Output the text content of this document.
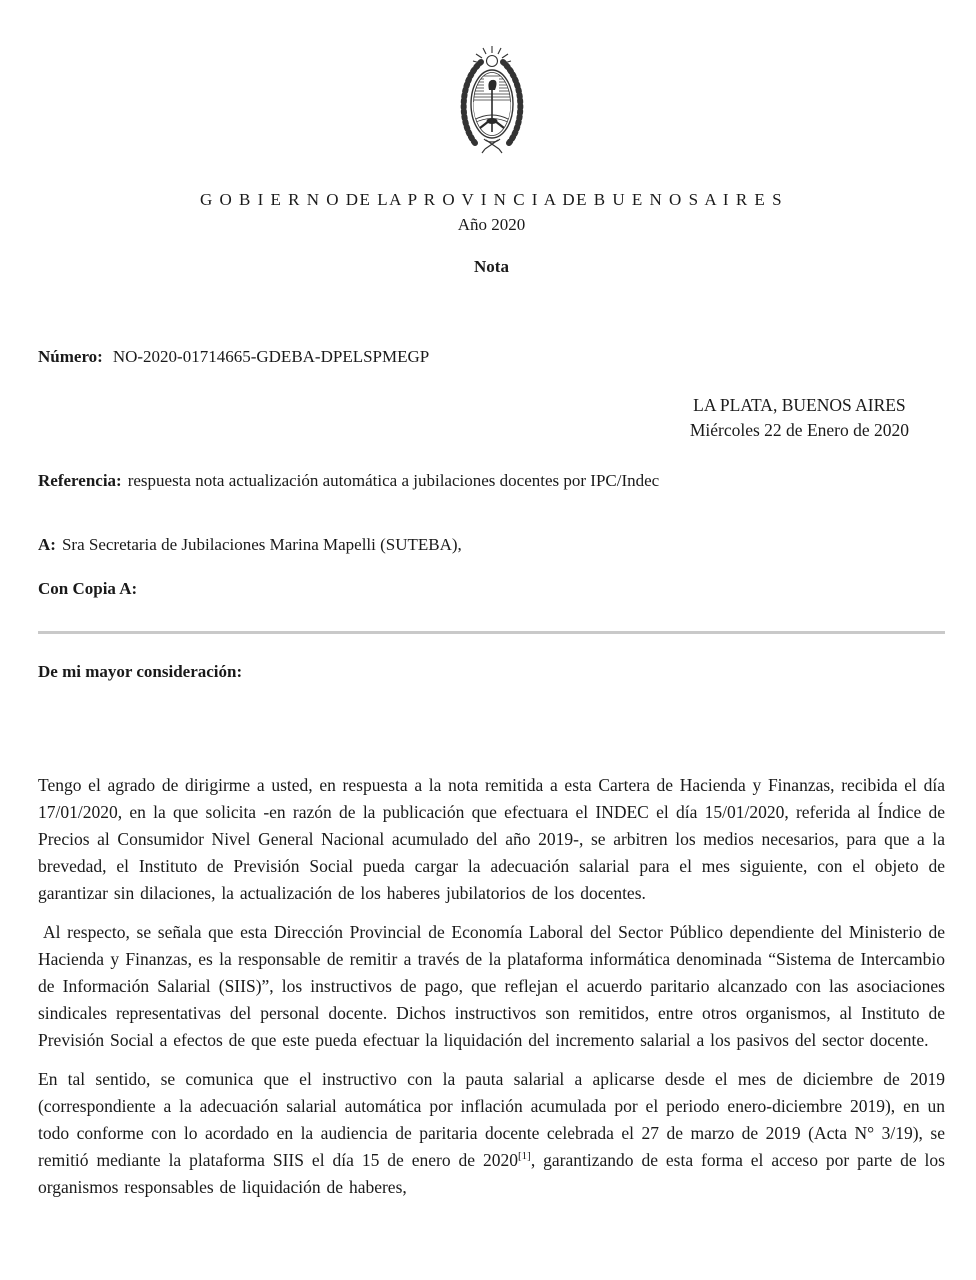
G O B I E R N O DE LA P R O V I N C I A DE B U E N O S A I R E S
Año 2020
Nota
Número: NO-2020-01714665-GDEBA-DPELSPMEGP
LA PLATA, BUENOS AIRES
Miércoles 22 de Enero de 2020
Referencia: respuesta nota actualización automática a jubilaciones docentes por IPC/Indec
A: Sra Secretaria de Jubilaciones Marina Mapelli (SUTEBA),
Con Copia A:
De mi mayor consideración:

Tengo el agrado de dirigirme a usted, en respuesta a la nota remitida a esta Cartera de Hacienda y Finanzas, recibida el día 17/01/2020, en la que solicita -en razón de la publicación que efectuara el INDEC el día 15/01/2020, referida al Índice de Precios al Consumidor Nivel General Nacional acumulado del año 2019-, se arbitren los medios necesarios, para que a la brevedad, el Instituto de Previsión Social pueda cargar la adecuación salarial para el mes siguiente, con el objeto de garantizar sin dilaciones, la actualización de los haberes jubilatorios de los docentes.

Al respecto, se señala que esta Dirección Provincial de Economía Laboral del Sector Público dependiente del Ministerio de Hacienda y Finanzas, es la responsable de remitir a través de la plataforma informática denominada “Sistema de Intercambio de Información Salarial (SIIS)”, los instructivos de pago, que reflejan el acuerdo paritario alcanzado con las asociaciones sindicales representativas del personal docente. Dichos instructivos son remitidos, entre otros organismos, al Instituto de Previsión Social a efectos de que este pueda efectuar la liquidación del incremento salarial a los pasivos del sector docente.

En tal sentido, se comunica que el instructivo con la pauta salarial a aplicarse desde el mes de diciembre de 2019 (correspondiente a la adecuación salarial automática por inflación acumulada por el periodo enero-diciembre 2019), en un todo conforme con lo acordado en la audiencia de paritaria docente celebrada el 27 de marzo de 2019 (Acta N° 3/19), se remitió mediante la plataforma SIIS el día 15 de enero de 2020[1], garantizando de esta forma el acceso por parte de los organismos responsables de liquidación de haberes,
